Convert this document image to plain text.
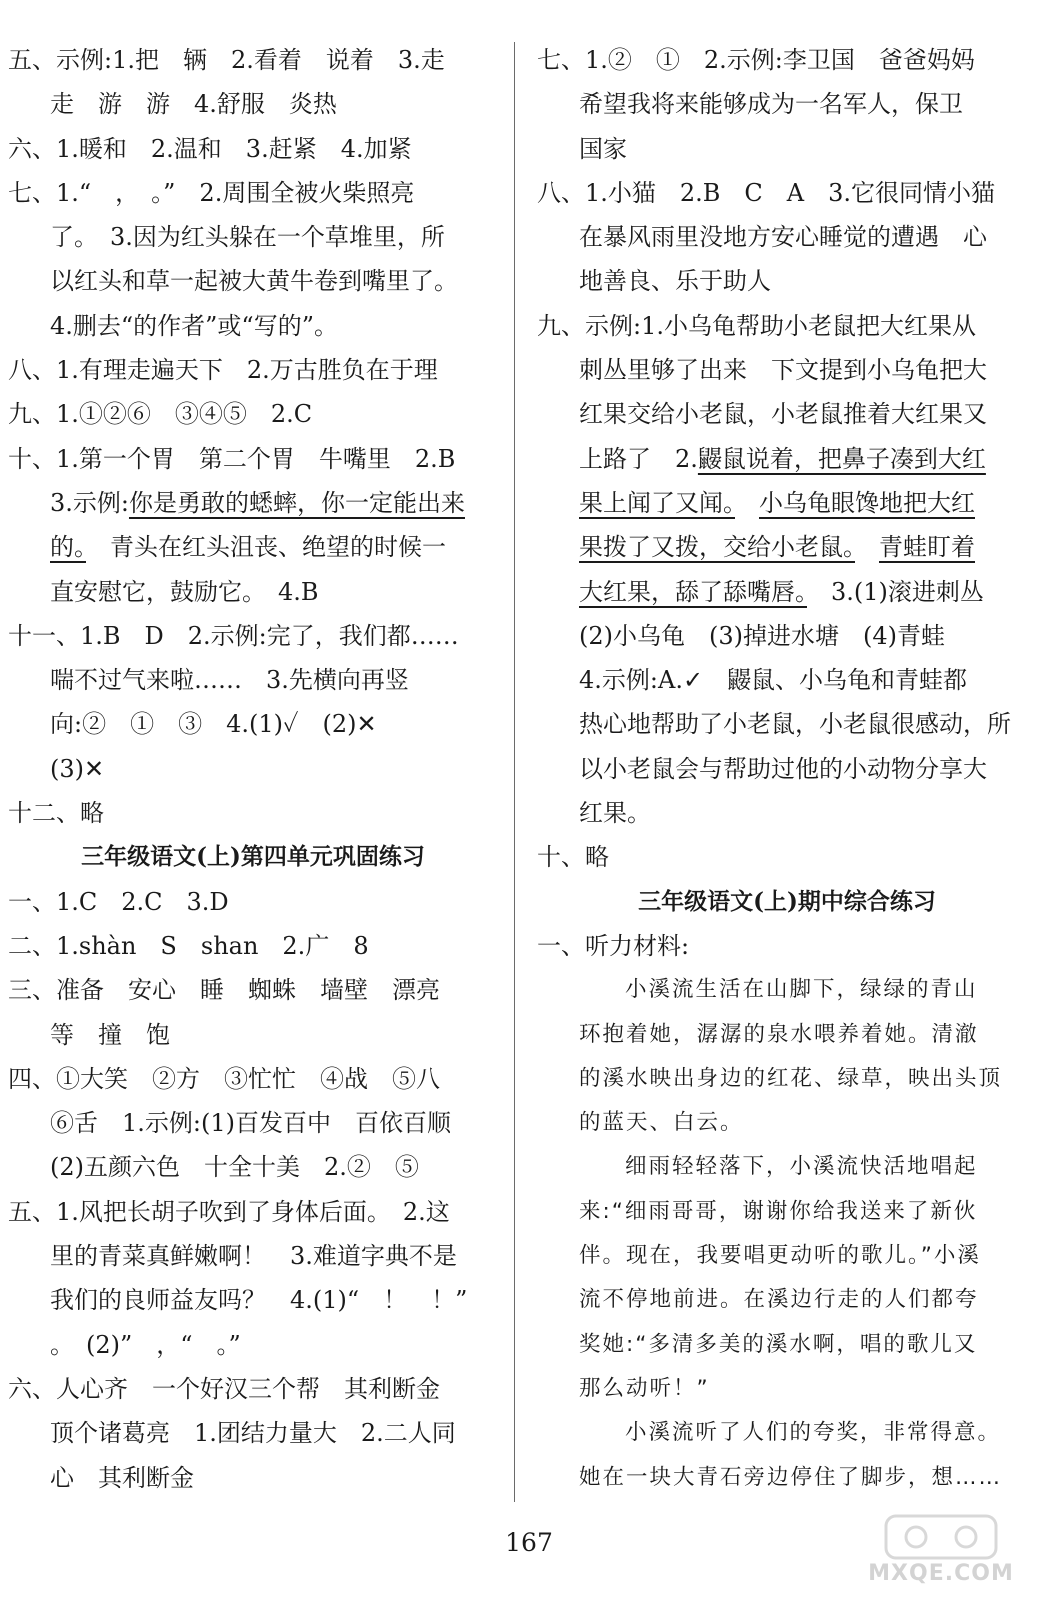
五、示例:1.把　辆　2.看着　说着　3.走
走　游　游　4.舒服　炎热
六、1.暖和　2.温和　3.赶紧　4.加紧
七、1.“　，　。”　2.周围全被火柴照亮
了。　3.因为红头躲在一个草堆里，所
以红头和草一起被大黄牛卷到嘴里了。
4.删去“的作者”或“写的”。
八、1.有理走遍天下　2.万古胜负在于理
九、1.①②⑥　③④⑤　2.C
十、1.第一个胃　第二个胃　牛嘴里　2.B
3.示例:你是勇敢的蟋蟀，你一定能出来
的。　青头在红头沮丧、绝望的时候一
直安慰它，鼓励它。　4.B
十一、1.B　D　2.示例:完了，我们都……
喘不过气来啦……　3.先横向再竖
向:②　①　③　4.(1)✓　(2)✕
(3)✕
十二、略
三年级语文(上)第四单元巩固练习
一、1.C　2.C　3.D
二、1.shàn　S　shan　2.广　8
三、准备　安心　睡　蜘蛛　墙壁　漂亮
等　撞　饱
四、①大笑　②方　③忙忙　④战　⑤八
⑥舌　1.示例:(1)百发百中　百依百顺
(2)五颜六色　十全十美　2.②　⑤
五、1.风把长胡子吹到了身体后面。　2.这
里的青菜真鲜嫩啊！　3.难道字典不是
我们的良师益友吗？　4.(1)“　！　！”
。　(2)”　，“　。”
六、人心齐　一个好汉三个帮　其利断金
顶个诸葛亮　1.团结力量大　2.二人同
心　其利断金
七、1.②　①　2.示例:李卫国　爸爸妈妈
希望我将来能够成为一名军人，保卫
国家
八、1.小猫　2.B　C　A　3.它很同情小猫
在暴风雨里没地方安心睡觉的遭遇　心
地善良、乐于助人
九、示例:1.小乌龟帮助小老鼠把大红果从
刺丛里够了出来　下文提到小乌龟把大
红果交给小老鼠，小老鼠推着大红果又
上路了　2.鼹鼠说着，把鼻子凑到大红
果上闻了又闻。　 小乌龟眼馋地把大红
果拨了又拨，交给小老鼠。　 青蛙盯着
大红果，舔了舔嘴唇。　3.(1)滚进刺丛
(2)小乌龟　(3)掉进水塘　(4)青蛙
4.示例:A.✓　鼹鼠、小乌龟和青蛙都
热心地帮助了小老鼠，小老鼠很感动，所
以小老鼠会与帮助过他的小动物分享大
红果。
十、略
三年级语文(上)期中综合练习
一、听力材料:
小溪流生活在山脚下，绿绿的青山
环抱着她，潺潺的泉水喂养着她。清澈
的溪水映出身边的红花、绿草，映出头顶
的蓝天、白云。
细雨轻轻落下，小溪流快活地唱起
来:“细雨哥哥，谢谢你给我送来了新伙
伴。现在，我要唱更动听的歌儿。”小溪
流不停地前进。在溪边行走的人们都夸
奖她:“多清多美的溪水啊，唱的歌儿又
那么动听！”
小溪流听了人们的夸奖，非常得意。
她在一块大青石旁边停住了脚步，想……
167
MXQE.COM
